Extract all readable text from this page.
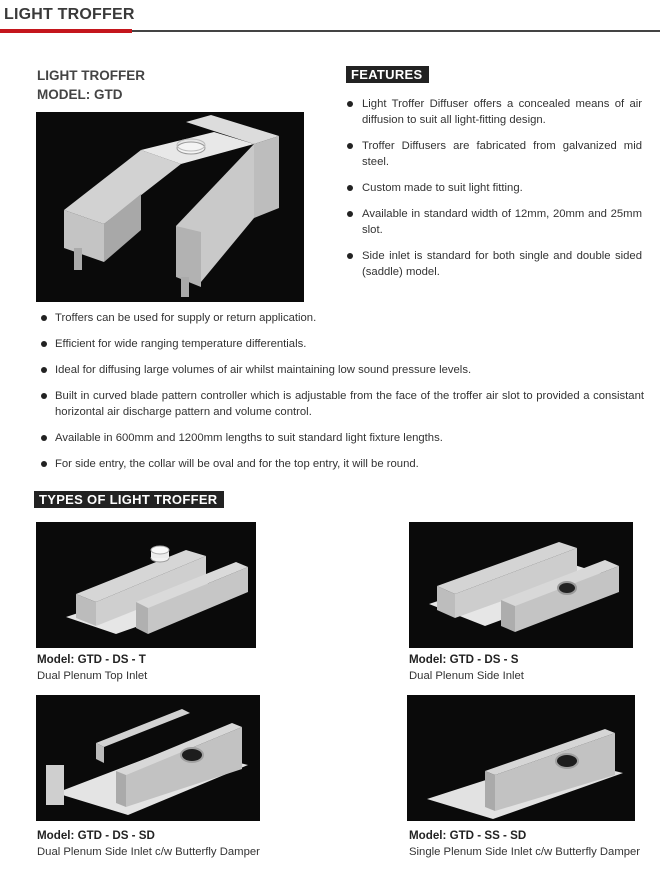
LIGHT TROFFER
LIGHT TROFFER
MODEL: GTD
FEATURES
Light Troffer Diffuser offers a concealed means of air diffusion to suit all light-fitting design.
Troffer Diffusers are fabricated from galvanized mid steel.
Custom made to suit light fitting.
Available in standard width of 12mm, 20mm and 25mm slot.
Side inlet is standard for both single and double sided (saddle) model.
Troffers can be used for supply or return application.
Efficient for wide ranging temperature differentials.
Ideal for diffusing large volumes of air whilst maintaining low sound pressure levels.
Built in curved blade pattern controller which is adjustable from the face of the troffer air slot to provided a consistant horizontal air discharge pattern and volume control.
Available in 600mm and 1200mm lengths to suit standard light fixture lengths.
For side entry, the collar will be oval and for the top entry, it will be round.
TYPES OF LIGHT TROFFER
Model: GTD - DS - T
Dual Plenum Top Inlet
Model: GTD - DS - S
Dual Plenum Side Inlet
Model: GTD - DS - SD
Dual Plenum Side Inlet c/w Butterfly Damper
Model: GTD - SS - SD
Single Plenum Side Inlet c/w Butterfly Damper
